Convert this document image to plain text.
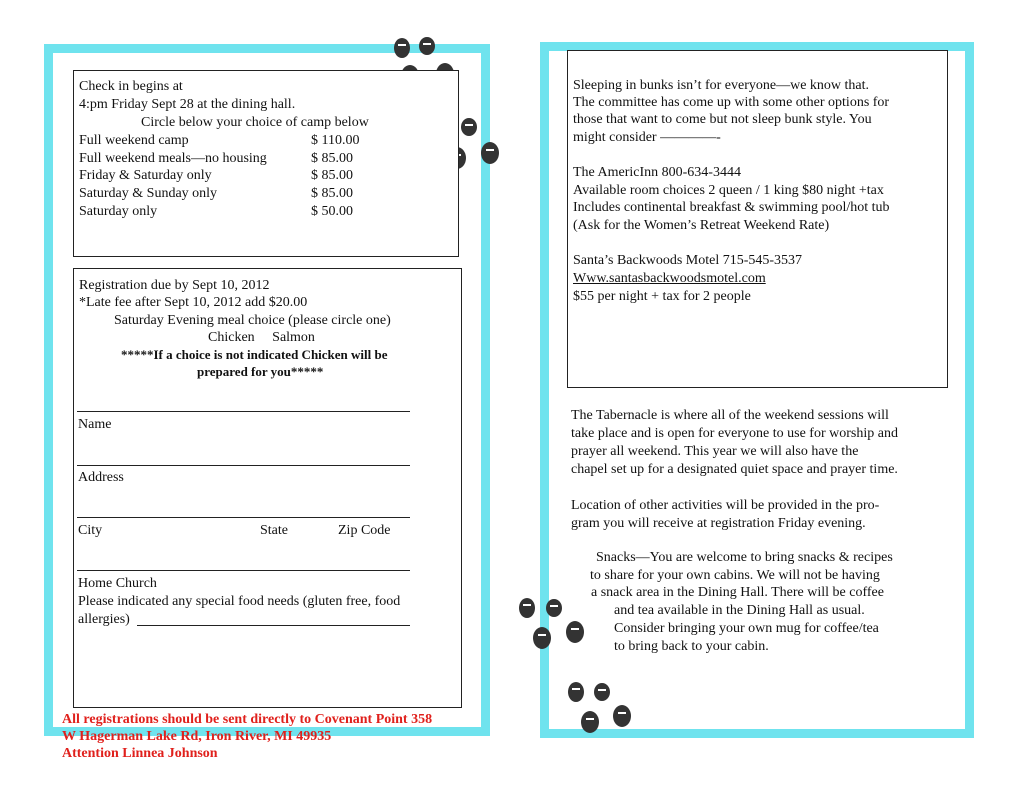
Check in begins at
4:pm Friday Sept 28 at the dining hall.
Circle below your choice of camp below
Full weekend camp	$ 110.00
Full weekend meals—no housing	$ 85.00
Friday & Saturday only	$ 85.00
Saturday & Sunday only	$ 85.00
Saturday only	$ 50.00
Registration due by Sept 10, 2012
*Late fee after Sept 10, 2012 add $20.00
Saturday Evening meal choice (please circle one)
Chicken     Salmon
*****If a choice is not indicated Chicken will be
prepared for you*****
Name
Address
City	State	Zip Code
Home Church
Please indicated any special food needs (gluten free, food
allergies)
All registrations should be sent directly to Covenant Point 358
W Hagerman Lake Rd, Iron River, MI 49935
Attention Linnea Johnson
Sleeping in bunks isn’t for everyone—we know that.
The committee has come up with some other options for
those that want to come but not sleep bunk style. You
might consider ————-
The AmericInn 800-634-3444
Available room choices 2 queen / 1 king $80 night +tax
Includes continental breakfast & swimming pool/hot tub
(Ask for the Women’s Retreat Weekend Rate)
Santa’s Backwoods Motel 715-545-3537
Www.santasbackwoodsmotel.com
$55 per night + tax for 2 people
The Tabernacle is where all of the weekend sessions will
take place and is open for everyone to use for worship and
prayer all weekend. This year we will also have the
chapel set up for a designated quiet space and prayer time.
Location of other activities will be provided in the pro-
gram you will receive at registration Friday evening.
Snacks—You are welcome to bring snacks & recipes
to share for your own cabins. We will not be having
a snack area in the Dining Hall. There will be coffee
and tea available in the Dining Hall as usual.
Consider bringing your own mug for coffee/tea
to bring back to your cabin.
